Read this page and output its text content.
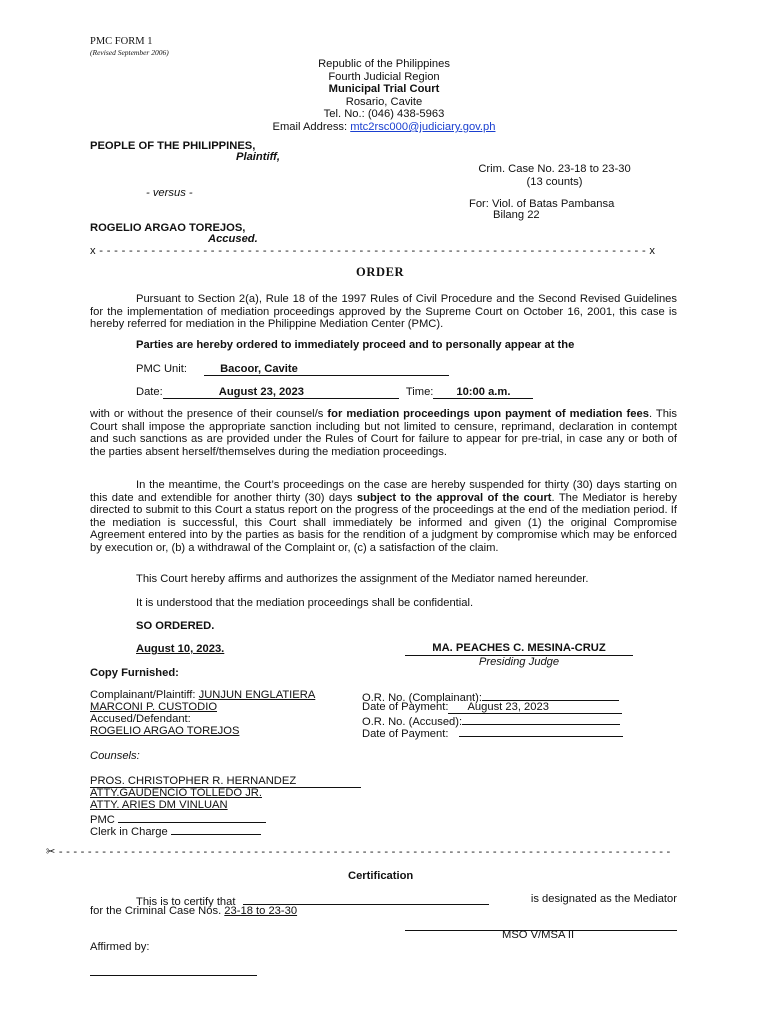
PMC FORM 1
(Revised September 2006)
Republic of the Philippines
Fourth Judicial Region
Municipal Trial Court
Rosario, Cavite
Tel. No.: (046) 438-5963
Email Address: mtc2rsc000@judiciary.gov.ph
PEOPLE OF THE PHILIPPINES,
Plaintiff,
Crim. Case No. 23-18 to 23-30
(13 counts)
- versus -
For: Viol. of Batas Pambansa
Bilang 22
ROGELIO ARGAO TOREJOS,
Accused.
x - - - - - - - - - - - - - - - - - - - - - - - - - - - - - - - - - - - - - - - - - - - - - - - - - - - - - - - - - - - - - - - - - - - - - - - - - - x
ORDER
Pursuant to Section 2(a), Rule 18 of the 1997 Rules of Civil Procedure and the Second Revised Guidelines for the implementation of mediation proceedings approved by the Supreme Court on October 16, 2001, this case is hereby referred for mediation in the Philippine Mediation Center (PMC).
Parties are hereby ordered to immediately proceed and to personally appear at the
PMC Unit:	Bacoor, Cavite
Date:	August 23, 2023	Time: 10:00 a.m.
with or without the presence of their counsel/s for mediation proceedings upon payment of mediation fees. This Court shall impose the appropriate sanction including but not limited to censure, reprimand, declaration in contempt and such sanctions as are provided under the Rules of Court for failure to appear for pre-trial, in case any or both of the parties absent herself/themselves during the mediation proceedings.
In the meantime, the Court’s proceedings on the case are hereby suspended for thirty (30) days starting on this date and extendible for another thirty (30) days subject to the approval of the court. The Mediator is hereby directed to submit to this Court a status report on the progress of the proceedings at the end of the mediation period. If the mediation is successful, this Court shall immediately be informed and given (1) the original Compromise Agreement entered into by the parties as basis for the rendition of a judgment by compromise which may be enforced by execution or, (b) a withdrawal of the Complaint or, (c) a satisfaction of the claim.
This Court hereby affirms and authorizes the assignment of the Mediator named hereunder.
It is understood that the mediation proceedings shall be confidential.
SO ORDERED.
August 10, 2023.	MA. PEACHES C. MESINA-CRUZ
Presiding Judge
Copy Furnished:
Complainant/Plaintiff: JUNJUN ENGLATIERA
MARCONI P. CUSTODIO
Accused/Defendant:
ROGELIO ARGAO TOREJOS
O.R. No. (Complainant):
Date of Payment: August 23, 2023
O.R. No. (Accused):
Date of Payment:
Counsels:
PROS. CHRISTOPHER R. HERNANDEZ
ATTY.GAUDENCIO TOLLEDO JR.
ATTY. ARIES DM VINLUAN
PMC
Clerk in Charge
✂ - - - - - - - - - - - - - - - - - - - - - - - - - - - - - - - - - - - - - - - - - - - - - - - - - - - - - - - - - - - - - - - - - - - - - - - - - - - - - - - - - - - - -
Certification
This is to certify that	is designated as the Mediator
for the Criminal Case Nos. 23-18 to 23-30
MSO V/MSA II
Affirmed by:
